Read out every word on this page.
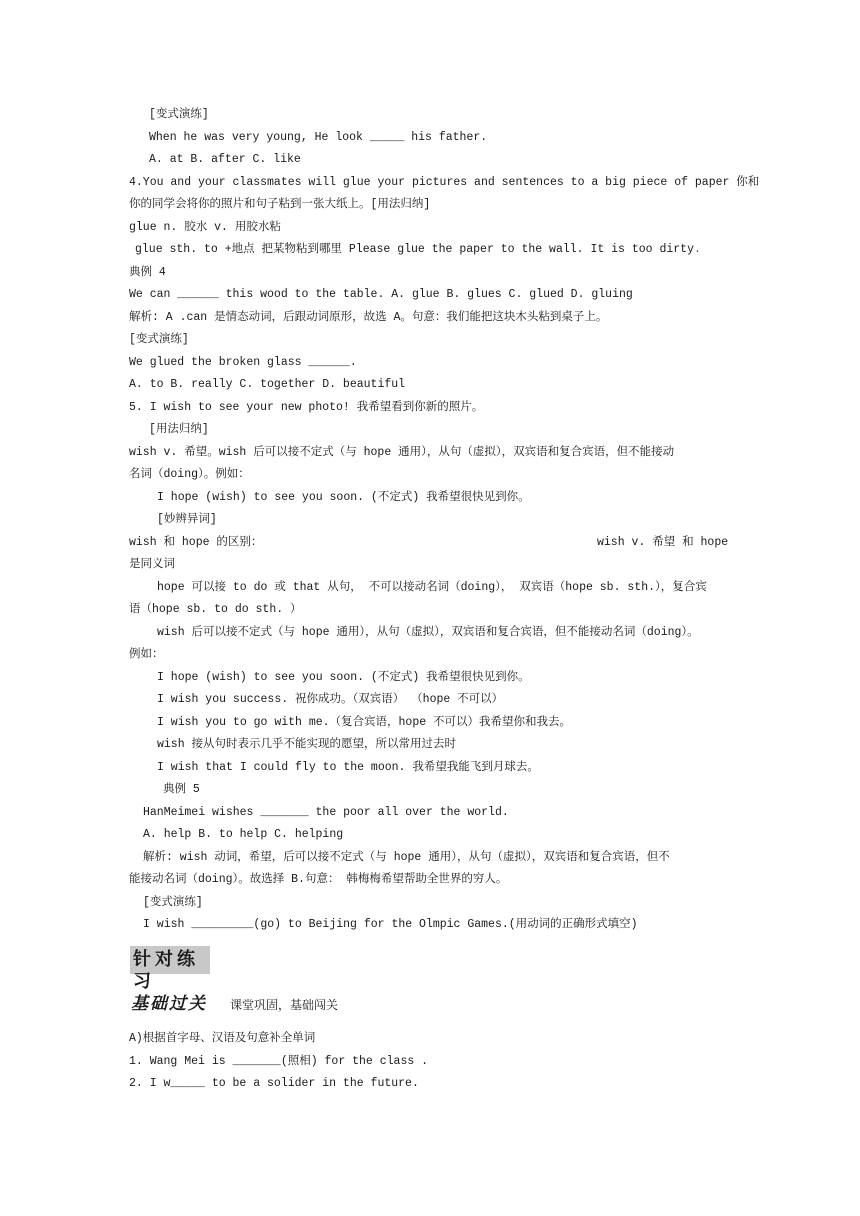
[变式演练]
When he was very young, He look _____ his father.
A. at B. after C. like
4.You and your classmates will glue your pictures and sentences to a big piece of paper 你和
你的同学会将你的照片和句子粘到一张大纸上。[用法归纳]
glue n. 胶水 v. 用胶水粘
glue sth. to +地点 把某物粘到哪里 Please glue the paper to the wall. It is too dirty.
典例 4
We can ______ this wood to the table. A. glue B. glues C. glued D. gluing
解析: A .can 是情态动词，后跟动词原形，故选 A。句意：我们能把这块木头粘到桌子上。
[变式演练]
We glued the broken glass ______.
A. to B. really C. together D. beautiful
5. I wish to see your new photo! 我希望看到你新的照片。
[用法归纳]
wish v. 希望。wish 后可以接不定式（与 hope 通用），从句（虚拟），双宾语和复合宾语，但不能接动
名词（doing）。例如：
I hope (wish) to see you soon. (不定式) 我希望很快见到你。
[妙辨异词]
wish 和 hope 的区别：	wish v. 希望 和 hope
是同义词
hope 可以接 to do 或 that 从句， 不可以接动名词（doing）， 双宾语（hope sb. sth.），复合宾
语（hope sb. to do sth. ）
wish 后可以接不定式（与 hope 通用），从句（虚拟），双宾语和复合宾语，但不能接动名词（doing）。
例如：
I hope (wish) to see you soon. (不定式) 我希望很快见到你。
I wish you success. 祝你成功。（双宾语） （hope 不可以）
I wish you to go with me.（复合宾语，hope 不可以）我希望你和我去。
wish 接从句时表示几乎不能实现的愿望，所以常用过去时
I wish that I could fly to the moon. 我希望我能飞到月球去。
典例 5
HanMeimei wishes _______ the poor all over the world.
A. help B. to help C. helping
解析: wish 动词，希望，后可以接不定式（与 hope 通用），从句（虚拟），双宾语和复合宾语，但不
能接动名词（doing）。故选择 B.句意： 韩梅梅希望帮助全世界的穷人。
[变式演练]
I wish _________(go) to Beijing for the Olmpic Games.(用动词的正确形式填空)
针对练习
基础过关 课堂巩固，基础闯关
A)根据首字母、汉语及句意补全单词
1. Wang Mei is _______(照相) for the class .
2. I w_____ to be a solider in the future.
